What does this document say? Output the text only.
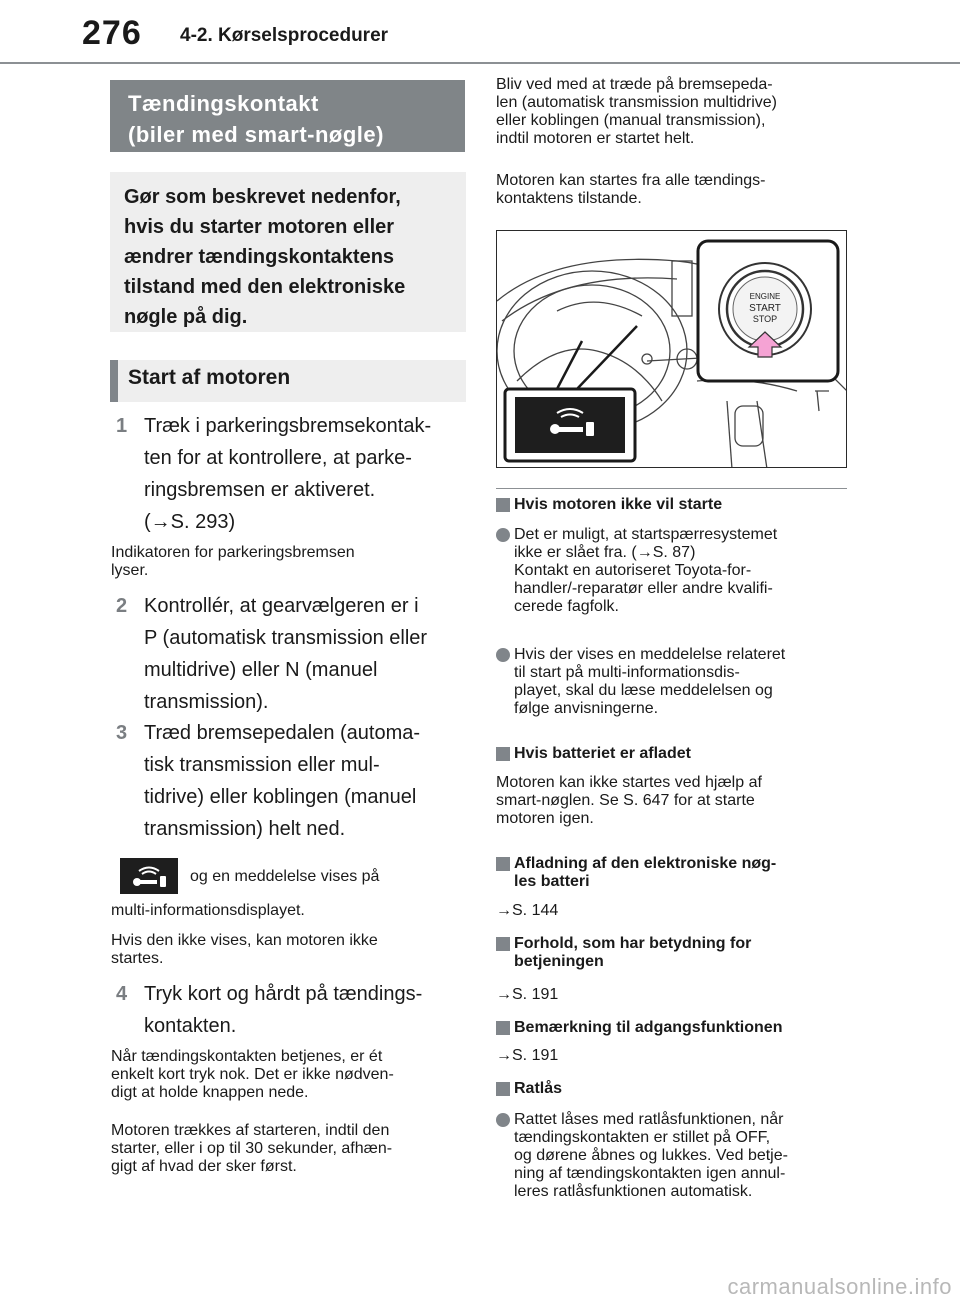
276 4-2. Kørselsprocedurer
Tændingskontakt
(biler med smart-nøgle)
Gør som beskrevet nedenfor,
hvis du starter motoren eller
ændrer tændingskontaktens
tilstand med den elektroniske
nøgle på dig.
Start af motoren
1 Træk i parkeringsbremsekontak-
ten for at kontrollere, at parke-
ringsbremsen er aktiveret.
(→S. 293)
Indikatoren for parkeringsbremsen
lyser.
2 Kontrollér, at gearvælgeren er i
P (automatisk transmission eller
multidrive) eller N (manuel
transmission).
3 Træd bremsepedalen (automa-
tisk transmission eller mul-
tidrive) eller koblingen (manuel
transmission) helt ned.
og en meddelelse vises på
multi-informationsdisplayet.
Hvis den ikke vises, kan motoren ikke
startes.
4 Tryk kort og hårdt på tændings-
kontakten.
Når tændingskontakten betjenes, er ét
enkelt kort tryk nok. Det er ikke nødven-
digt at holde knappen nede.
Motoren trækkes af starteren, indtil den
starter, eller i op til 30 sekunder, afhæn-
gigt af hvad der sker først.
Bliv ved med at træde på bremsepeda-
len (automatisk transmission multidrive)
eller koblingen (manual transmission),
indtil motoren er startet helt.
Motoren kan startes fra alle tændings-
kontaktens tilstande.
ENGINE
START
STOP
Hvis motoren ikke vil starte
Det er muligt, at startspærresystemet
ikke er slået fra. (→S. 87)
Kontakt en autoriseret Toyota-for-
handler/-reparatør eller andre kvalifi-
cerede fagfolk.
Hvis der vises en meddelelse relateret
til start på multi-informationsdis-
playet, skal du læse meddelelsen og
følge anvisningerne.
Hvis batteriet er afladet
Motoren kan ikke startes ved hjælp af
smart-nøglen. Se S. 647 for at starte
motoren igen.
Afladning af den elektroniske nøg-
les batteri
→S. 144
Forhold, som har betydning for
betjeningen
→S. 191
Bemærkning til adgangsfunktionen
→S. 191
Ratlås
Rattet låses med ratlåsfunktionen, når
tændingskontakten er stillet på OFF,
og dørene åbnes og lukkes. Ved betje-
ning af tændingskontakten igen annul-
leres ratlåsfunktionen automatisk.
carmanualsonline.info
